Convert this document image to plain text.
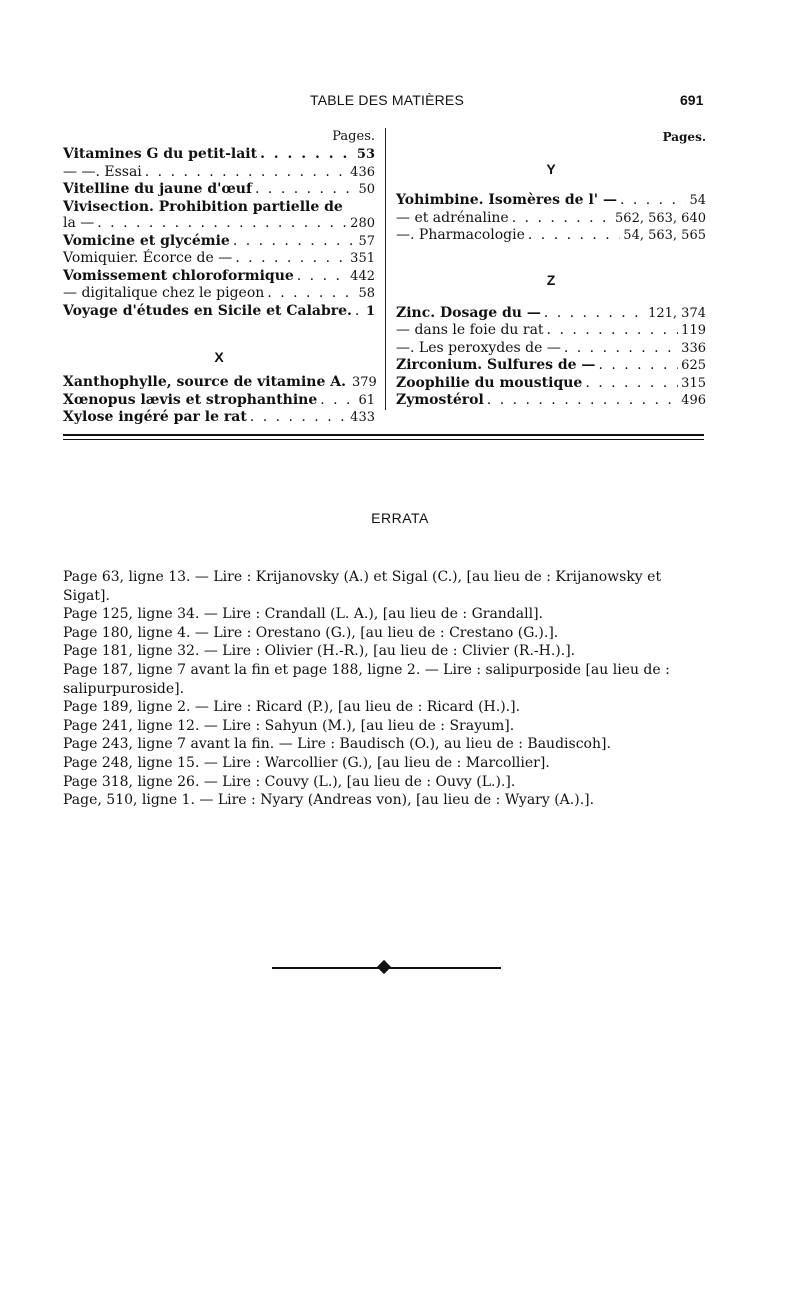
TABLE DES MATIÈRES	691
Pages.
Vitamines G du petit-lait . . .	53
— —. Essai . . .	436
Vitelline du jaune d'œuf . . .	50
Vivisection. Prohibition partielle de
la — . . .	280
Vomicine et glycémie . . .	57
Vomiquier. Écorce de — . . .	351
Vomissement chloroformique . . .	442
— digitalique chez le pigeon . . .	58
Voyage d'études en Sicile et Calabre. . . . 1
X
Xanthophylle, source de vitamine A. 379
Xœnopus lævis et strophanthine . . .	61
Xylose ingéré par le rat . . .	433
Pages.
Y
Yohimbine. Isomères de l' — . . .	54
— et adrénaline . . .	562, 563, 640
—. Pharmacologie . . .	54, 563, 565
Z
Zinc. Dosage du — . . .	121, 374
— dans le foie du rat . . .	119
—. Les peroxydes de — . . .	336
Zirconium. Sulfures de — . . .	625
Zoophilie du moustique . . .	315
Zymostérol . . .	496
ERRATA

Page 63, ligne 13. — Lire : Krijanovsky (A.) et Sigal (C.), [au lieu de : Krijanowsky et Sigat].

Page 125, ligne 34. — Lire : Crandall (L. A.), [au lieu de : Grandall].

Page 180, ligne 4. — Lire : Orestano (G.), [au lieu de : Crestano (G.).].

Page 181, ligne 32. — Lire : Olivier (H.-R.), [au lieu de : Clivier (R.-H.).].

Page 187, ligne 7 avant la fin et page 188, ligne 2. — Lire : salipurposide [au lieu de : salipurpuroside].

Page 189, ligne 2. — Lire : Ricard (P.), [au lieu de : Ricard (H.).].

Page 241, ligne 12. — Lire : Sahyun (M.), [au lieu de : Srayum].

Page 243, ligne 7 avant la fin. — Lire : Baudisch (O.), au lieu de : Baudiscoh].

Page 248, ligne 15. — Lire : Warcollier (G.), [au lieu de : Marcollier].

Page 318, ligne 26. — Lire : Couvy (L.), [au lieu de : Ouvy (L.).].

Page, 510, ligne 1. — Lire : Nyary (Andreas von), [au lieu de : Wyary (A.).].
